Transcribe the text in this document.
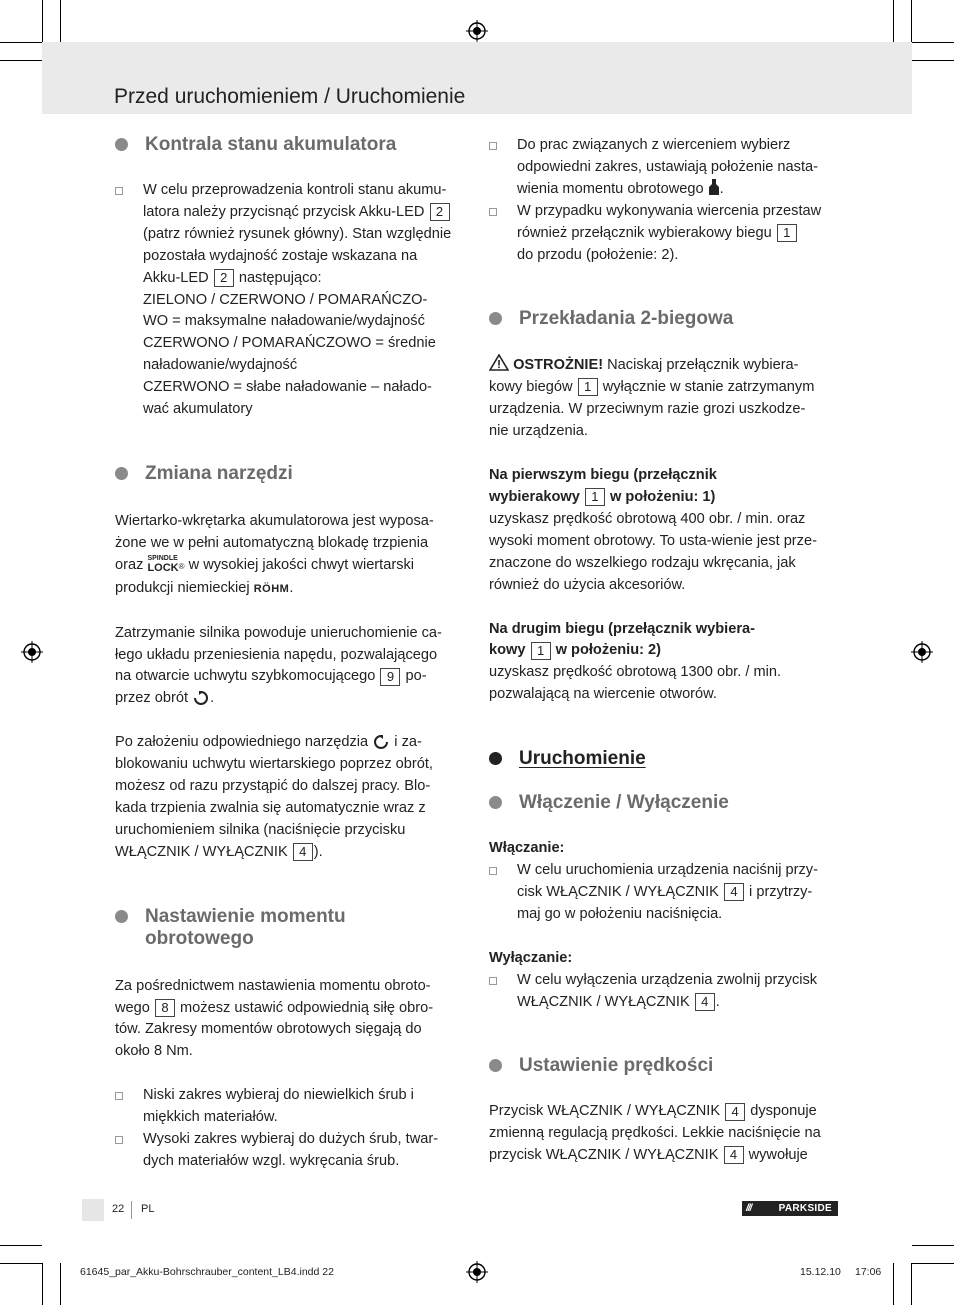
Przed uruchomieniem / Uruchomienie
Kontrala stanu akumulatora

W celu przeprowadzenia kontroli stanu akumu-

latora należy przycisnąć przycisk Akku-LED 2

(patrz również rysunek główny). Stan względnie

pozostała wydajność zostaje wskazana na

Akku-LED 2 następująco:

ZIELONO / CZERWONO / POMARAŃCZO-

WO = maksymalne naładowanie/wydajność

CZERWONO / POMARAŃCZOWO = średnie

naładowanie/wydajność

CZERWONO = słabe naładowanie – nałado-

wać akumulatory

Zmiana narzędzi

Wiertarko-wkrętarka akumulatorowa jest wyposa-

żone we w pełni automatyczną blokadę trzpienia

oraz SPINDLE
LOCK ® w wysokiej jakości chwyt wiertarski

produkcji niemieckiej RÖHM.

Zatrzymanie silnika powoduje unieruchomienie ca-

łego układu przeniesienia napędu, pozwalającego

na otwarcie uchwytu szybkomocującego 9 po-

przez obrót .

Po założeniu odpowiedniego narzędzia i za-

blokowaniu uchwytu wiertarskiego poprzez obrót,

możesz od razu przystąpić do dalszej pracy. Blo-

kada trzpienia zwalnia się automatycznie wraz z

uruchomieniem silnika (naciśnięcie przycisku

WŁĄCZNIK / WYŁĄCZNIK 4 ).

Nastawienie momentu
obrotowego

Za pośrednictwem nastawienia momentu obroto-

wego 8 możesz ustawić odpowiednią siłę obro-

tów. Zakresy momentów obrotowych sięgają do

około 8 Nm.

Niski zakres wybieraj do niewielkich śrub i

miękkich materiałów.

Wysoki zakres wybieraj do dużych śrub, twar-

dych materiałów wzgl. wykręcania śrub.

Do prac związanych z wierceniem wybierz

odpowiedni zakres, ustawiają położenie nasta-

wienia momentu obrotowego .

W przypadku wykonywania wiercenia przestaw

również przełącznik wybierakowy biegu 1

do przodu (położenie: 2).

Przekładania 2-biegowa

OSTROŻNIE! Naciskaj przełącznik wybiera-

kowy biegów 1 wyłącznie w stanie zatrzymanym

urządzenia. W przeciwnym razie grozi uszkodze-

nie urządzenia.

Na pierwszym biegu (przełącznik

wybierakowy 1 w położeniu: 1)

uzyskasz prędkość obrotową 400 obr. / min. oraz

wysoki moment obrotowy. To usta-wienie jest prze-

znaczone do wszelkiego rodzaju wkręcania, jak

również do użycia akcesoriów.

Na drugim biegu (przełącznik wybiera-

kowy 1 w położeniu: 2)

uzyskasz prędkość obrotową 1300 obr. / min.

pozwalającą na wiercenie otworów.

Uruchomienie
Włączenie / Wyłączenie

Włączanie:

W celu uruchomienia urządzenia naciśnij przy-

cisk WŁĄCZNIK / WYŁĄCZNIK 4 i przytrzy-

maj go w położeniu naciśnięcia.

Wyłączanie:

W celu wyłączenia urządzenia zwolnij przycisk

WŁĄCZNIK / WYŁĄCZNIK 4 .

Ustawienie prędkości

Przycisk WŁĄCZNIK / WYŁĄCZNIK 4 dysponuje

zmienną regulacją prędkości. Lekkie naciśnięcie na

przycisk WŁĄCZNIK / WYŁĄCZNIK 4 wywołuje

22 PL	///	PARKSIDE
61645_par_Akku-Bohrschrauber_content_LB4.indd 22	15.12.10 17:06
